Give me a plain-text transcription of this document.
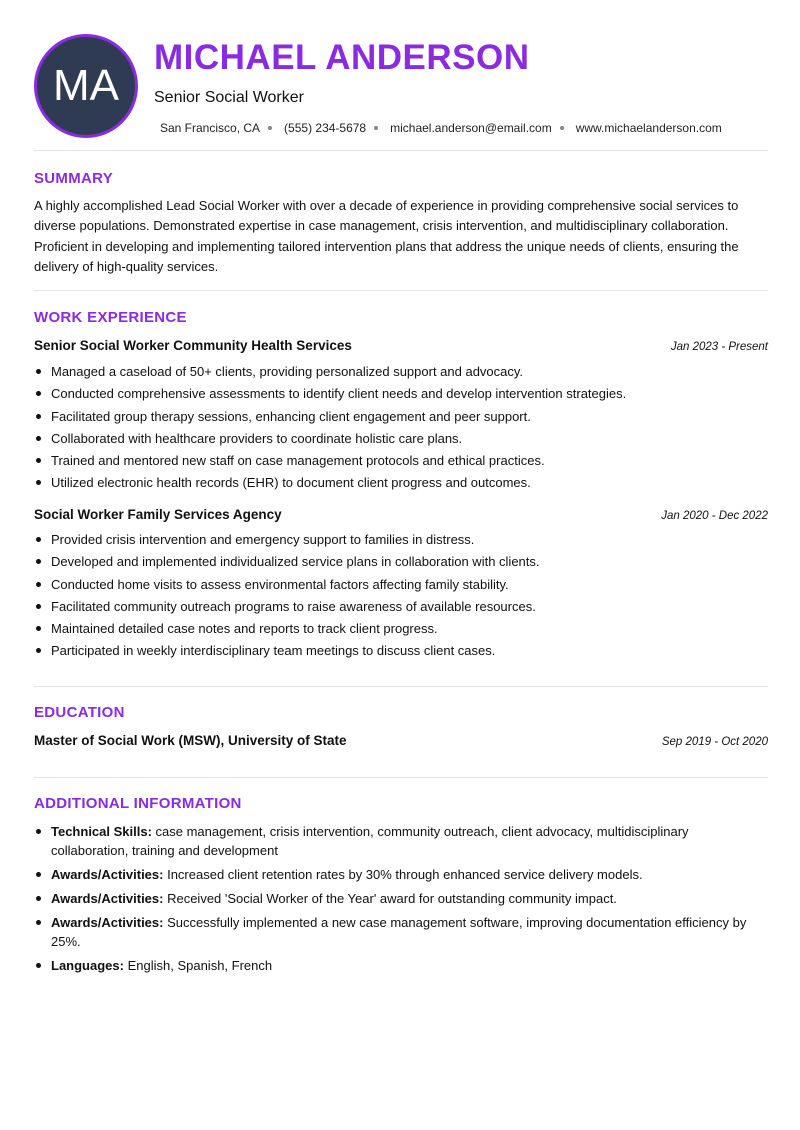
MA
MICHAEL ANDERSON
Senior Social Worker
San Francisco, CA (555) 234-5678 michael.anderson@email.com www.michaelanderson.com
SUMMARY
A highly accomplished Lead Social Worker with over a decade of experience in providing comprehensive social services to diverse populations. Demonstrated expertise in case management, crisis intervention, and multidisciplinary collaboration. Proficient in developing and implementing tailored intervention plans that address the unique needs of clients, ensuring the delivery of high-quality services.
WORK EXPERIENCE
Senior Social Worker Community Health Services	Jan 2023 - Present
Managed a caseload of 50+ clients, providing personalized support and advocacy.
Conducted comprehensive assessments to identify client needs and develop intervention strategies.
Facilitated group therapy sessions, enhancing client engagement and peer support.
Collaborated with healthcare providers to coordinate holistic care plans.
Trained and mentored new staff on case management protocols and ethical practices.
Utilized electronic health records (EHR) to document client progress and outcomes.
Social Worker Family Services Agency	Jan 2020 - Dec 2022
Provided crisis intervention and emergency support to families in distress.
Developed and implemented individualized service plans in collaboration with clients.
Conducted home visits to assess environmental factors affecting family stability.
Facilitated community outreach programs to raise awareness of available resources.
Maintained detailed case notes and reports to track client progress.
Participated in weekly interdisciplinary team meetings to discuss client cases.
EDUCATION
Master of Social Work (MSW), University of State	Sep 2019 - Oct 2020
ADDITIONAL INFORMATION
Technical Skills: case management, crisis intervention, community outreach, client advocacy, multidisciplinary collaboration, training and development
Awards/Activities: Increased client retention rates by 30% through enhanced service delivery models.
Awards/Activities: Received 'Social Worker of the Year' award for outstanding community impact.
Awards/Activities: Successfully implemented a new case management software, improving documentation efficiency by 25%.
Languages: English, Spanish, French
